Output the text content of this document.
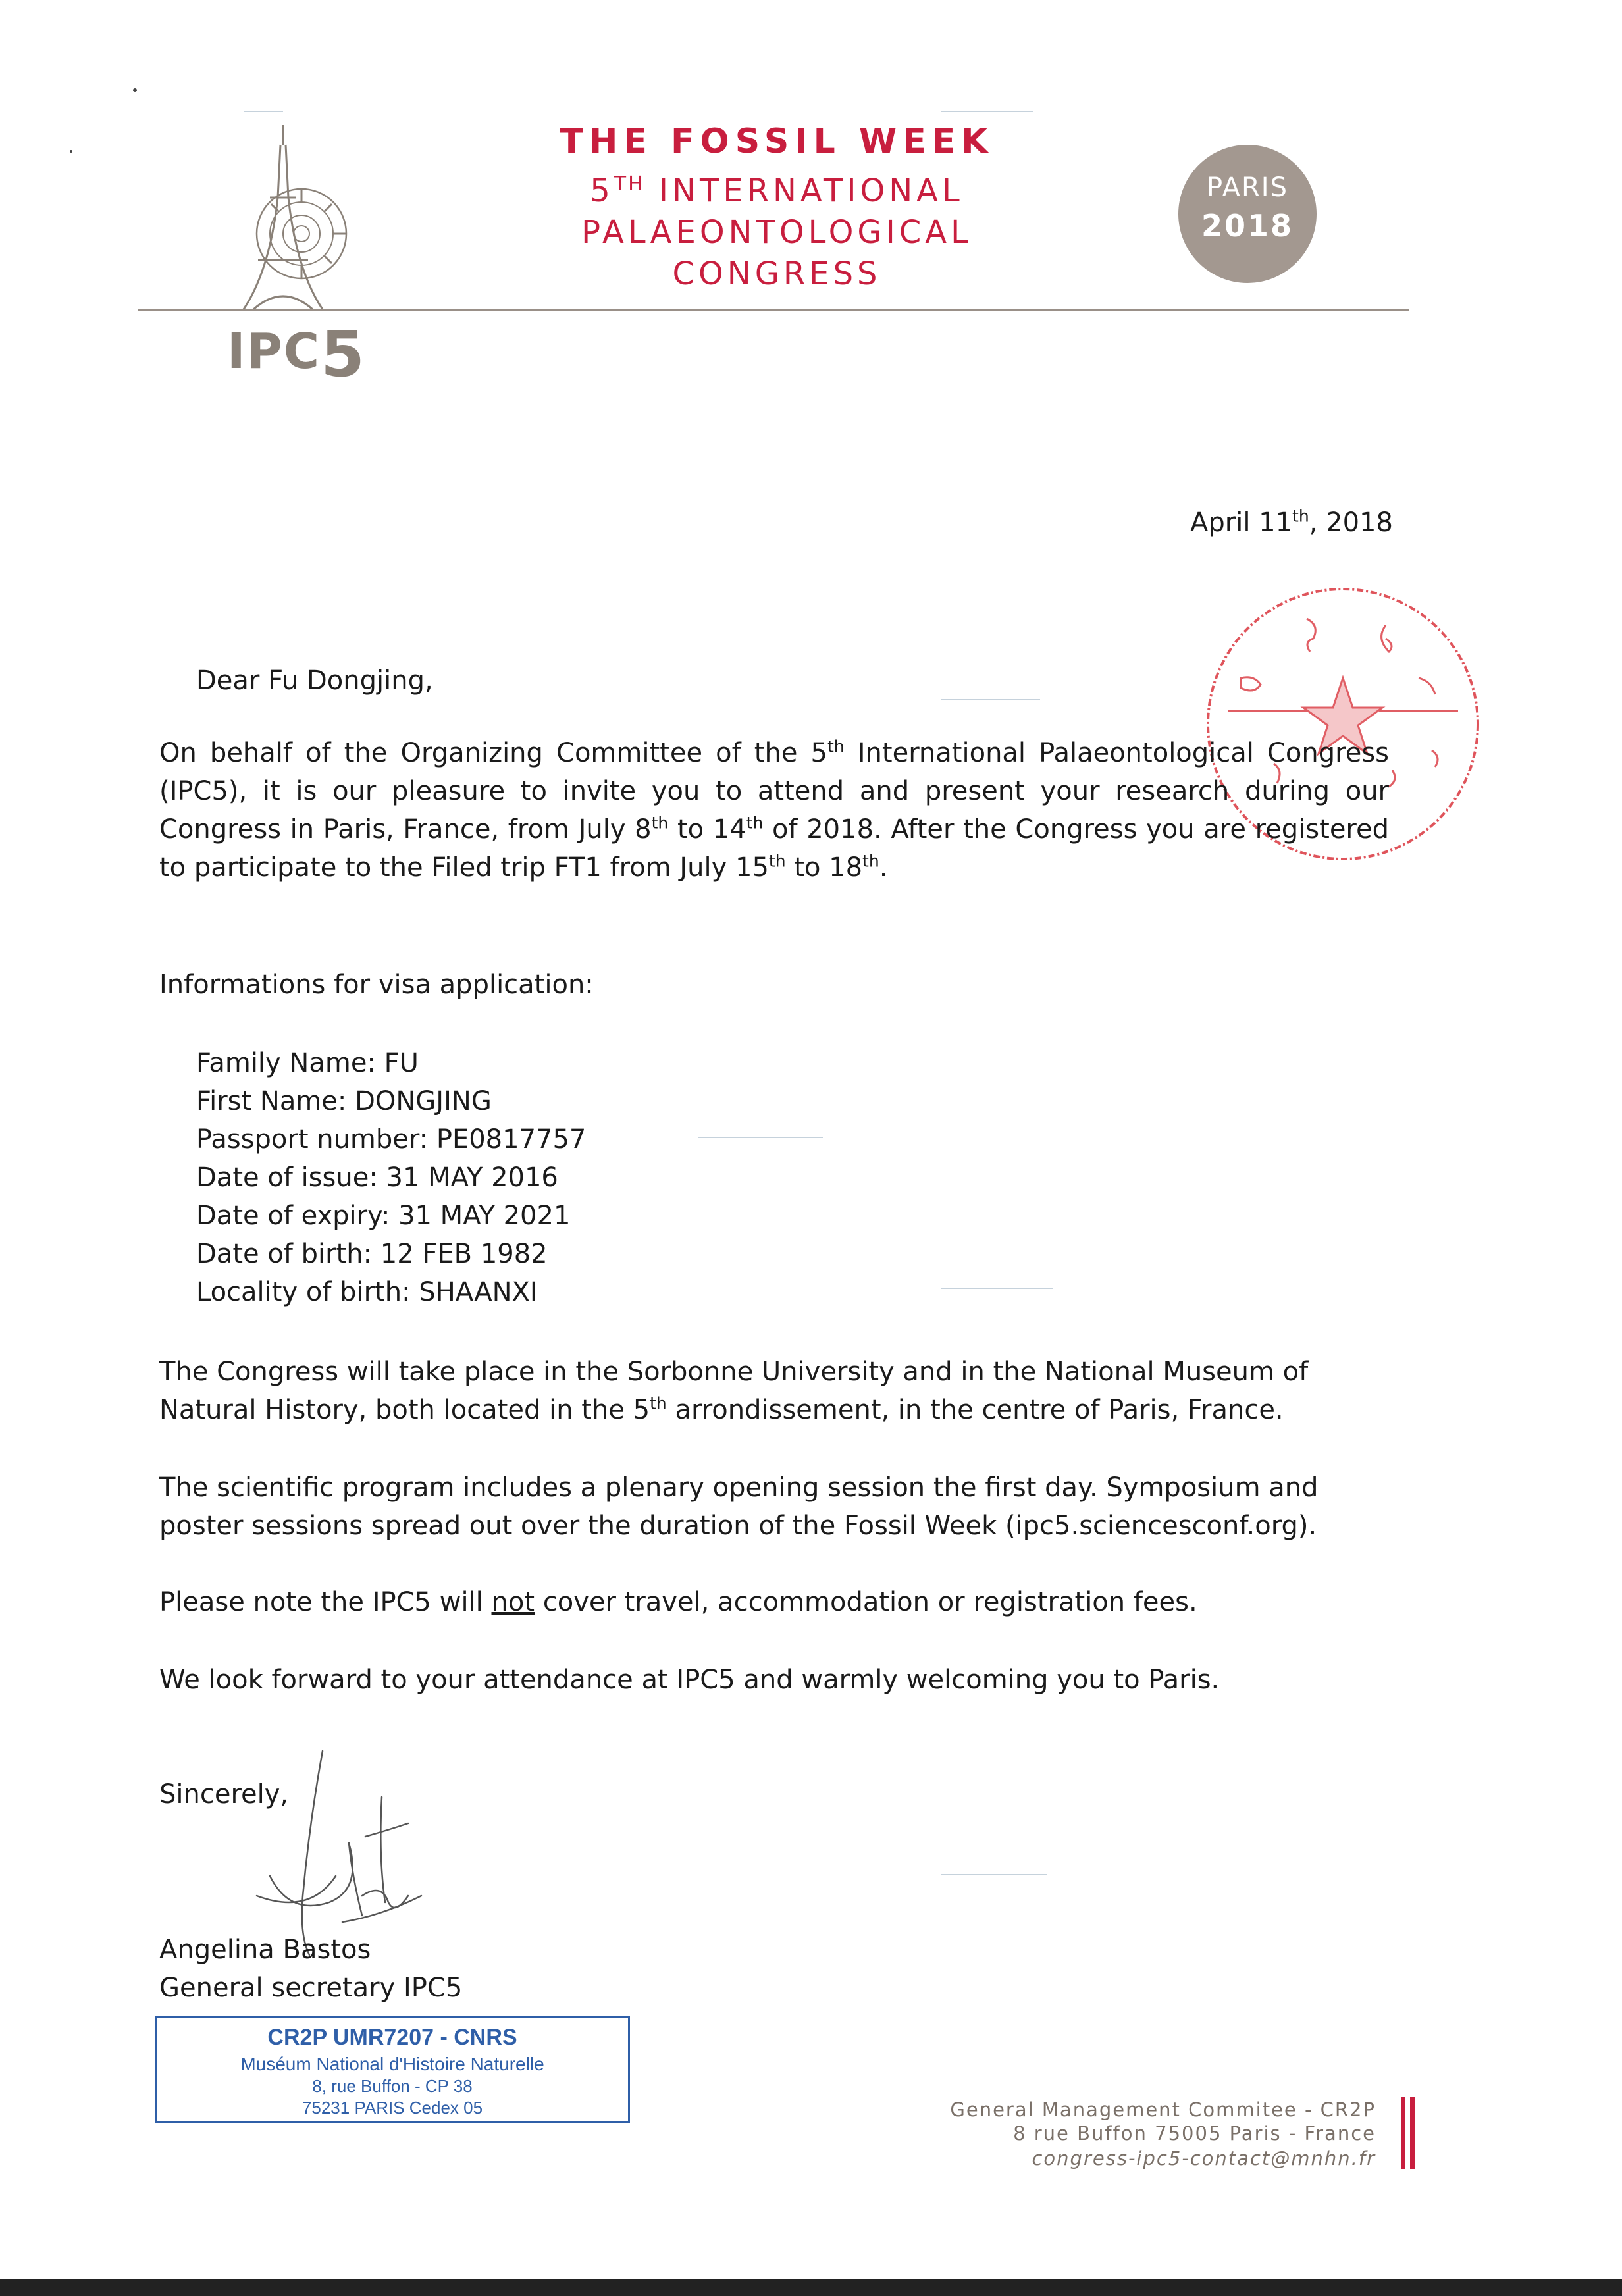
IPC5
THE FOSSIL WEEK
5TH INTERNATIONAL
PALAEONTOLOGICAL
CONGRESS
PARIS
2018
April 11th, 2018
Dear Fu Dongjing,

On behalf of the Organizing Committee of the 5th International Palaeontological Congress (IPC5), it is our pleasure to invite you to attend and present your research during our Congress in Paris, France, from July 8th to 14th of 2018. After the Congress you are registered to participate to the Filed trip FT1 from July 15th to 18th.

Informations for visa application:
Family Name: FU
First Name: DONGJING
Passport number: PE0817757
Date of issue: 31 MAY 2016
Date of expiry: 31 MAY 2021
Date of birth: 12 FEB 1982
Locality of birth: SHAANXI
The Congress will take place in the Sorbonne University and in the National Museum of Natural History, both located in the 5th arrondissement, in the centre of Paris, France.
The scientific program includes a plenary opening session the first day. Symposium and poster sessions spread out over the duration of the Fossil Week (ipc5.sciencesconf.org).
Please note the IPC5 will not cover travel, accommodation or registration fees.
We look forward to your attendance at IPC5 and warmly welcoming you to Paris.
Sincerely,
Angelina Bastos
General secretary IPC5
CR2P UMR7207 - CNRS
Muséum National d'Histoire Naturelle
8, rue Buffon - CP 38
75231 PARIS Cedex 05	General Management Commitee - CR2P
8 rue Buffon 75005 Paris - France
congress-ipc5-contact@mnhn.fr
